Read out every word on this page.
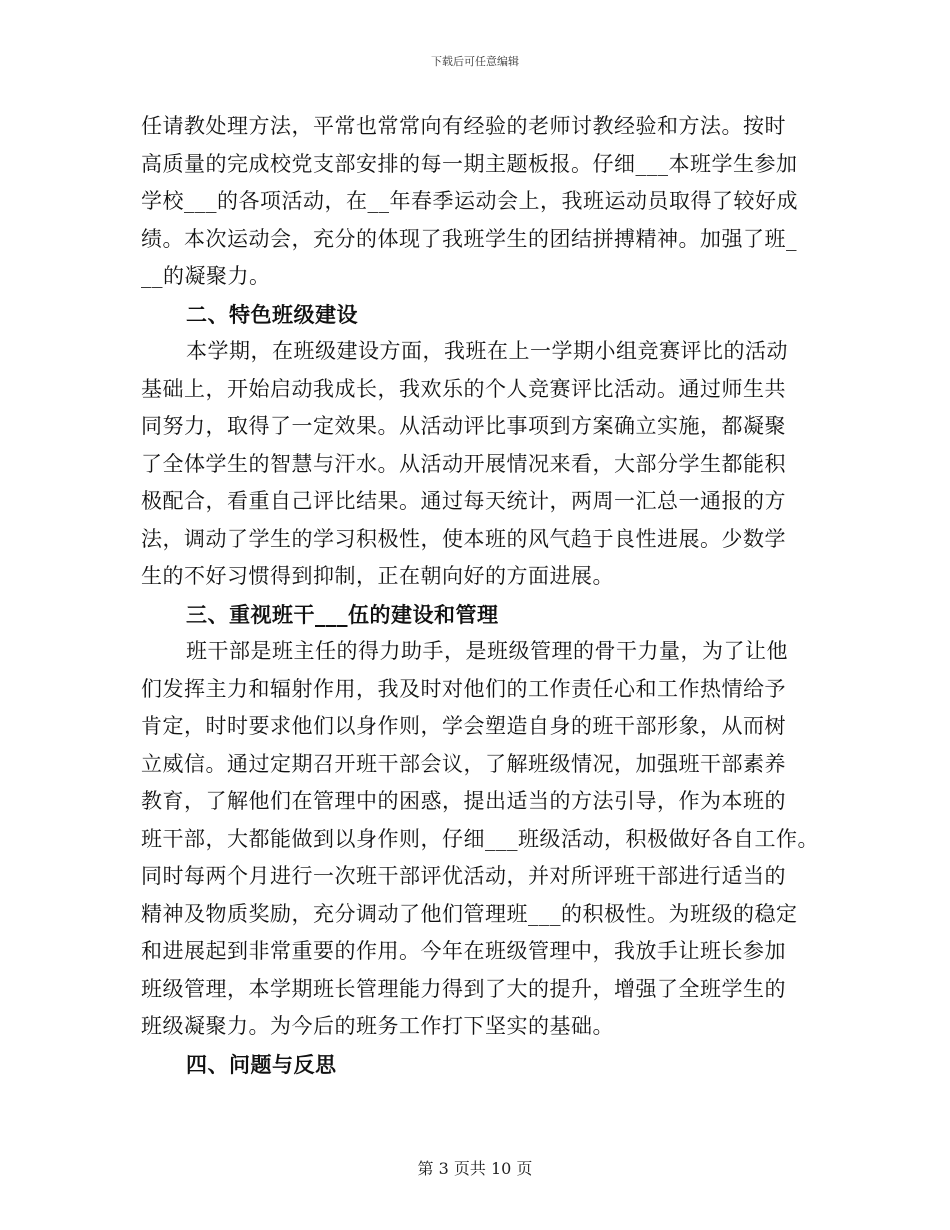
下载后可任意编辑
任请教处理方法，平常也常常向有经验的老师讨教经验和方法。按时
高质量的完成校党支部安排的每一期主题板报。仔细___本班学生参加
学校___的各项活动，在__年春季运动会上，我班运动员取得了较好成
绩。本次运动会，充分的体现了我班学生的团结拼搏精神。加强了班_
__的凝聚力。
二、特色班级建设
本学期，在班级建设方面，我班在上一学期小组竞赛评比的活动
基础上，开始启动我成长，我欢乐的个人竞赛评比活动。通过师生共
同努力，取得了一定效果。从活动评比事项到方案确立实施，都凝聚
了全体学生的智慧与汗水。从活动开展情况来看，大部分学生都能积
极配合，看重自己评比结果。通过每天统计，两周一汇总一通报的方
法，调动了学生的学习积极性，使本班的风气趋于良性进展。少数学
生的不好习惯得到抑制，正在朝向好的方面进展。
三、重视班干___伍的建设和管理
班干部是班主任的得力助手，是班级管理的骨干力量，为了让他
们发挥主力和辐射作用，我及时对他们的工作责任心和工作热情给予
肯定，时时要求他们以身作则，学会塑造自身的班干部形象，从而树
立威信。通过定期召开班干部会议，了解班级情况，加强班干部素养
教育，了解他们在管理中的困惑，提出适当的方法引导，作为本班的
班干部，大都能做到以身作则，仔细___班级活动，积极做好各自工作。
同时每两个月进行一次班干部评优活动，并对所评班干部进行适当的
精神及物质奖励，充分调动了他们管理班___的积极性。为班级的稳定
和进展起到非常重要的作用。今年在班级管理中，我放手让班长参加
班级管理，本学期班长管理能力得到了大的提升，增强了全班学生的
班级凝聚力。为今后的班务工作打下坚实的基础。
四、问题与反思
第 3 页共 10 页
